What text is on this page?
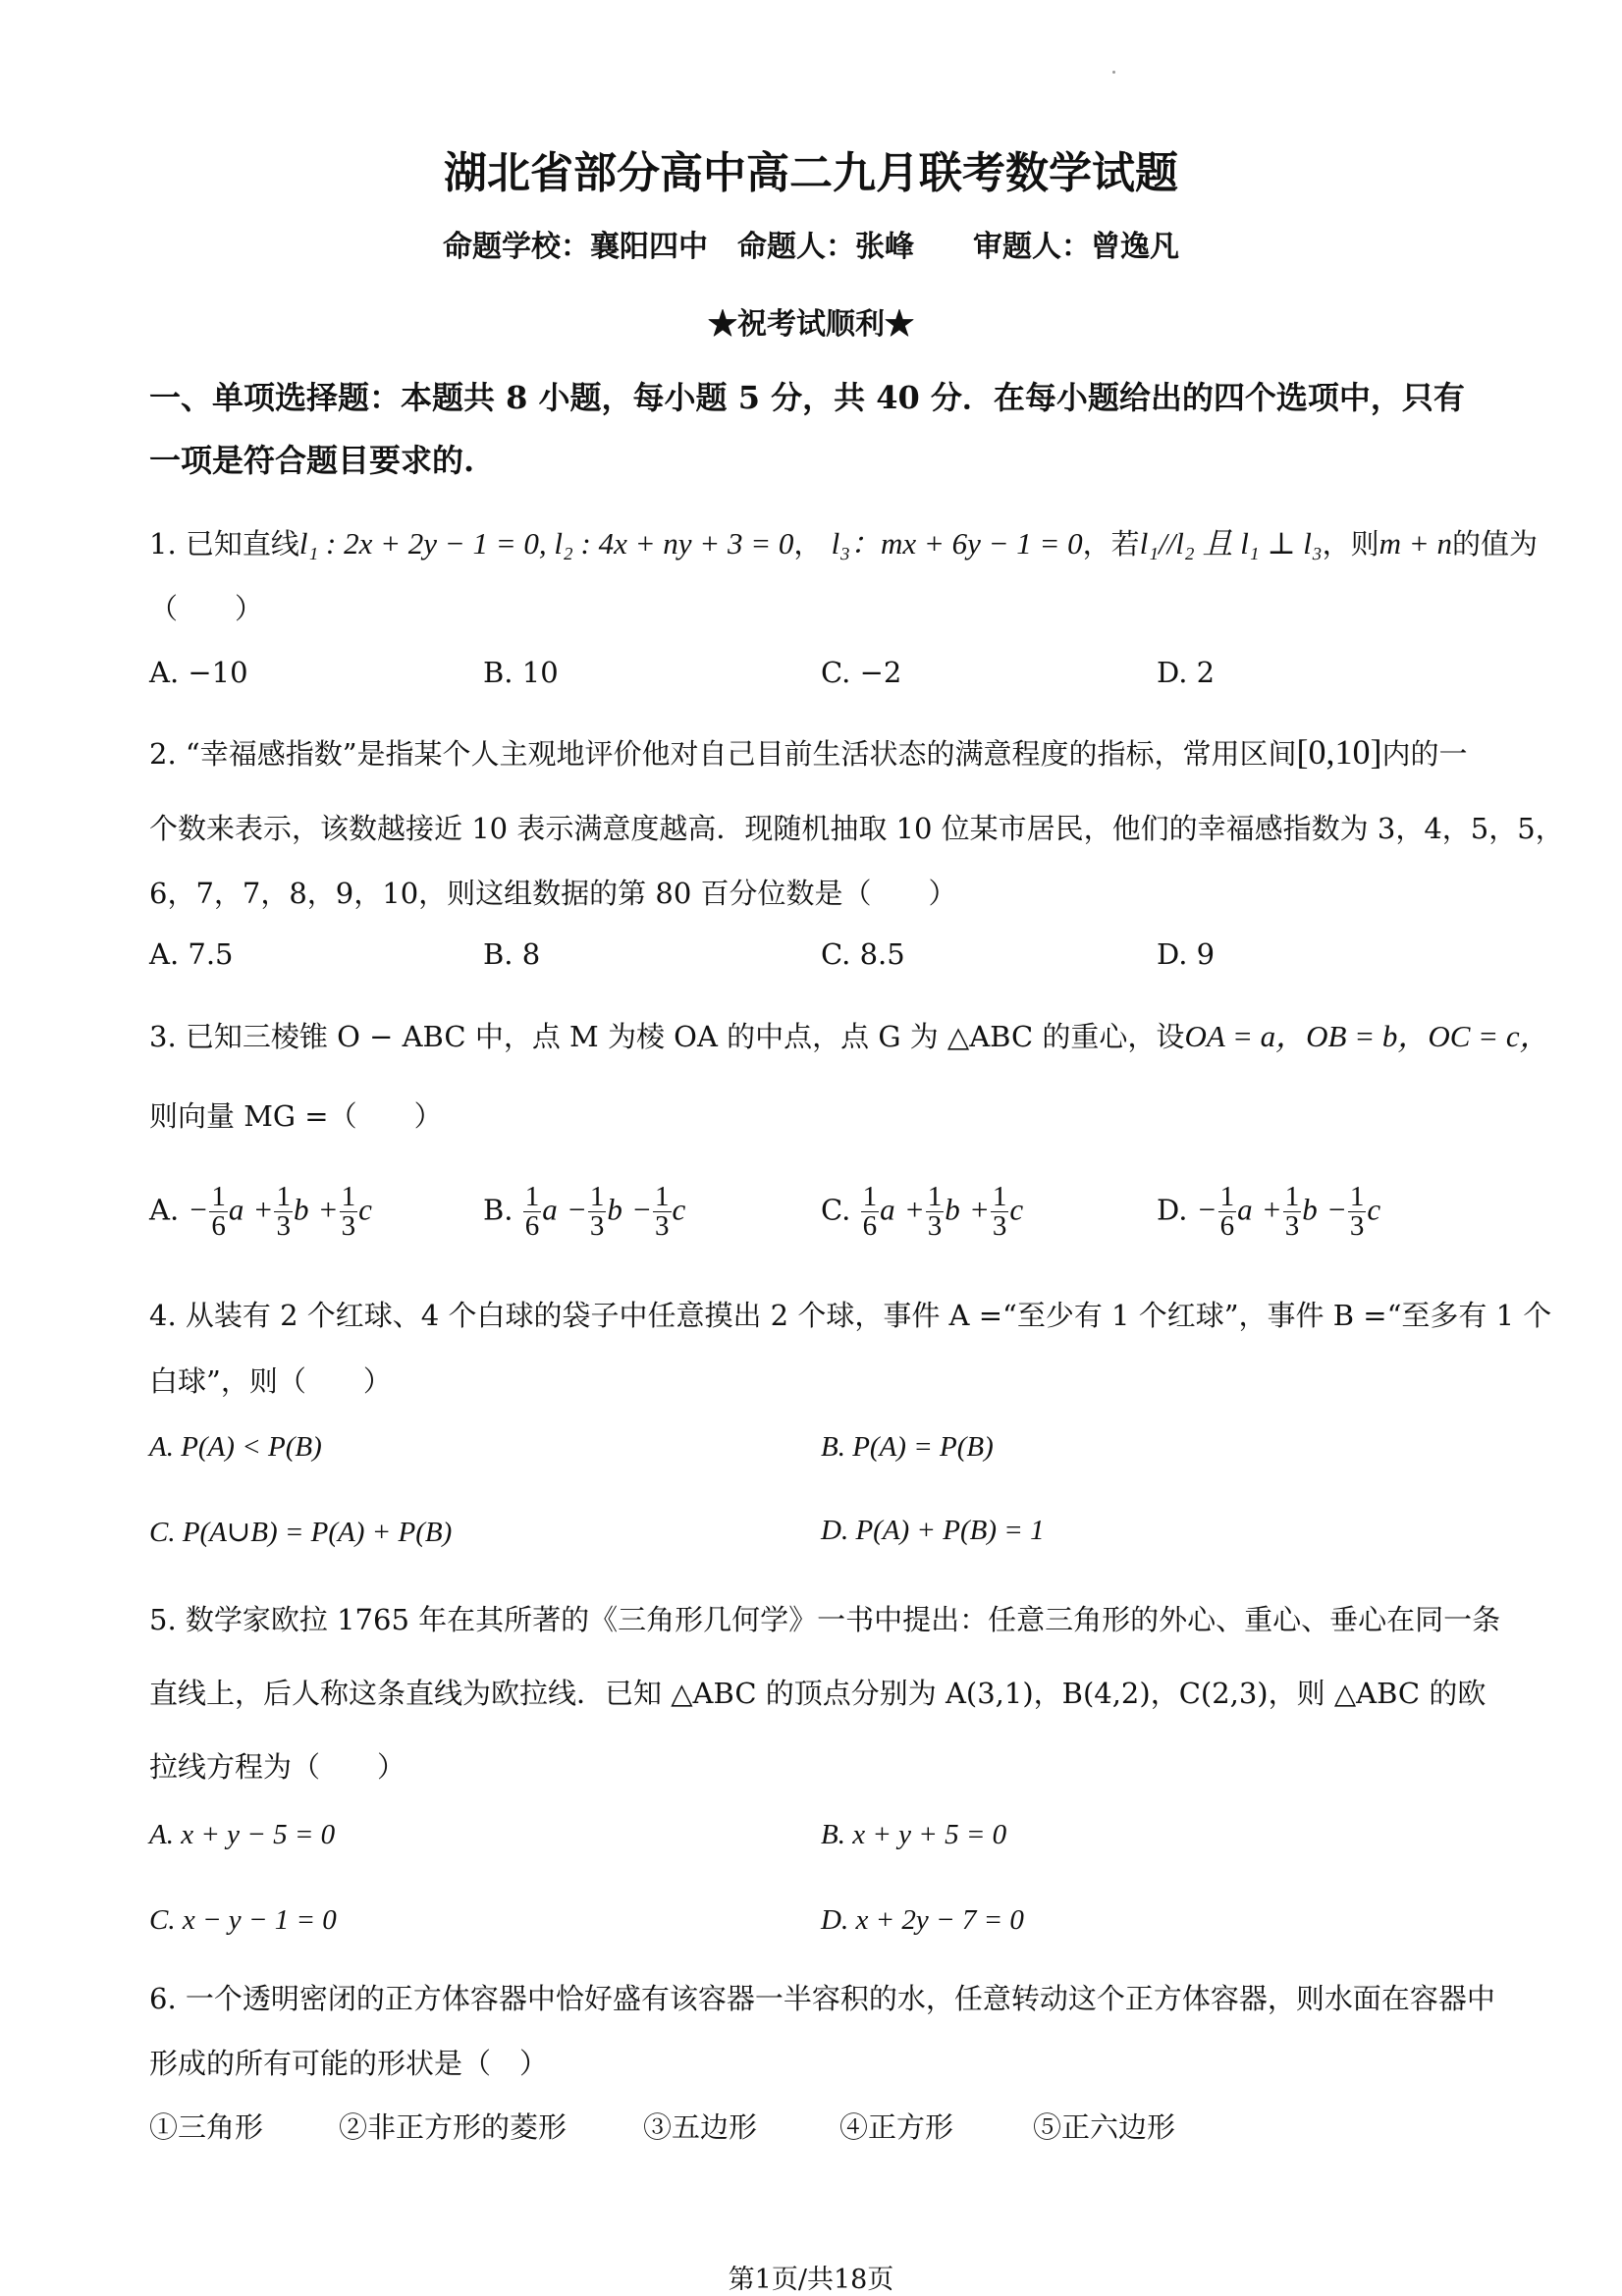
湖北省部分高中高二九月联考数学试题
命题学校：襄阳四中　命题人：张峰　　审题人：曾逸凡
★祝考试顺利★
一、单项选择题：本题共 8 小题，每小题 5 分，共 40 分．在每小题给出的四个选项中，只有
一项是符合题目要求的.
1. 已知直线l₁ : 2x + 2y − 1 = 0, l₂ : 4x + ny + 3 = 0， l₃：mx + 6y − 1 = 0，若l₁//l₂ 且 l₁ ⊥ l₃，则m + n的值为
（　　）
A. −10	B. 10	C. −2	D. 2
2. “幸福感指数”是指某个人主观地评价他对自己目前生活状态的满意程度的指标，常用区间[0,10]内的一
个数来表示，该数越接近 10 表示满意度越高．现随机抽取 10 位某市居民，他们的幸福感指数为 3，4，5，5，
6，7，7，8，9，10，则这组数据的第 80 百分位数是（　　）
A. 7.5	B. 8	C. 8.5	D. 9
3. 已知三棱锥 O − ABC 中，点 M 为棱 OA 的中点，点 G 为 △ABC 的重心，设OA = a，OB = b，OC = c，
则向量 MG =（　　）
A. − $\frac{1}{6}$ $a + \frac{1}{3}$ $b + \frac{1}{3}$ c	B. $\frac{1}{6}$ $a - \frac{1}{3}$ $b - \frac{1}{3}$ c	C. $\frac{1}{6}$ $a + \frac{1}{3}$ $b + \frac{1}{3}$ c	D. − $\frac{1}{6}$ $a + \frac{1}{3}$ $b - \frac{1}{3}$ c
4. 从装有 2 个红球、4 个白球的袋子中任意摸出 2 个球，事件 A =“至少有 1 个红球”，事件 B =“至多有 1 个
白球”，则（　　）
A. P(A) < P(B)	B. P(A) = P(B)
C. P(A∪B) = P(A) + P(B)	D. P(A) + P(B) = 1
5. 数学家欧拉 1765 年在其所著的《三角形几何学》一书中提出：任意三角形的外心、重心、垂心在同一条
直线上，后人称这条直线为欧拉线．已知 △ABC 的顶点分别为 A(3,1)，B(4,2)，C(2,3)，则 △ABC 的欧
拉线方程为（　　）
A. x + y − 5 = 0	B. x + y + 5 = 0
C. x − y − 1 = 0	D. x + 2y − 7 = 0
6. 一个透明密闭的正方体容器中恰好盛有该容器一半容积的水，任意转动这个正方体容器，则水面在容器中
形成的所有可能的形状是（　）
①三角形	②非正方形的菱形	③五边形	④正方形	⑤正六边形
第1页/共18页
